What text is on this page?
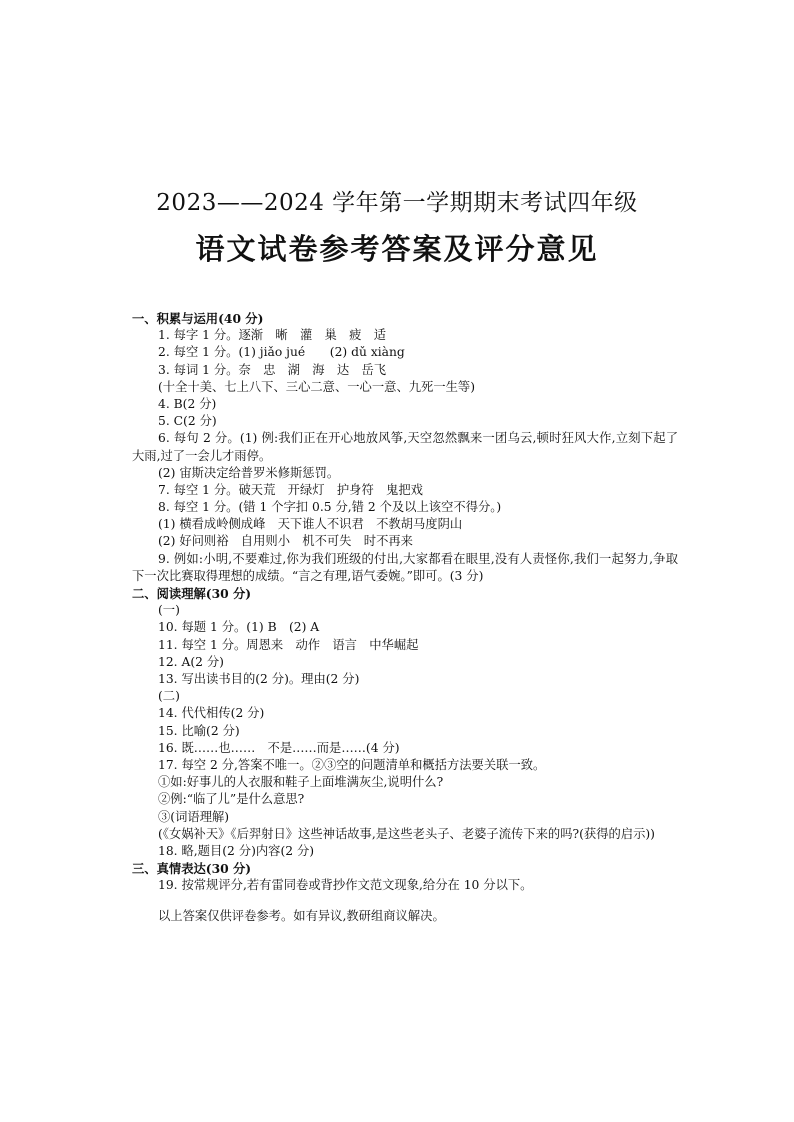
2023——2024 学年第一学期期末考试四年级
语文试卷参考答案及评分意见
一、积累与运用(40 分)
1. 每字 1 分。逐渐　晰　灌　巢　疲　适
2. 每空 1 分。(1) jiǎo jué　　(2) dǔ xiàng
3. 每词 1 分。奈　忠　湖　海　达　岳飞
(十全十美、七上八下、三心二意、一心一意、九死一生等)
4. B(2 分)
5. C(2 分)
6. 每句 2 分。(1) 例:我们正在开心地放风筝,天空忽然飘来一团乌云,顿时狂风大作,立刻下起了大雨,过了一会儿才雨停。
(2) 宙斯决定给普罗米修斯惩罚。
7. 每空 1 分。破天荒　开绿灯　护身符　鬼把戏
8. 每空 1 分。(错 1 个字扣 0.5 分,错 2 个及以上该空不得分。)
(1) 横看成岭侧成峰　天下谁人不识君　不教胡马度阴山
(2) 好问则裕　自用则小　机不可失　时不再来
9. 例如:小明,不要难过,你为我们班级的付出,大家都看在眼里,没有人责怪你,我们一起努力,争取下一次比赛取得理想的成绩。“言之有理,语气委婉。”即可。(3 分)
二、阅读理解(30 分)
(一)
10. 每题 1 分。(1) B　(2) A
11. 每空 1 分。周恩来　动作　语言　中华崛起
12. A(2 分)
13. 写出读书目的(2 分)。理由(2 分)
(二)
14. 代代相传(2 分)
15. 比喻(2 分)
16. 既……也……　不是……而是……(4 分)
17. 每空 2 分,答案不唯一。②③空的问题清单和概括方法要关联一致。
①如:好事儿的人衣服和鞋子上面堆满灰尘,说明什么?
②例:“临了儿”是什么意思?
③(词语理解)
(《女娲补天》《后羿射日》这些神话故事,是这些老头子、老婆子流传下来的吗?(获得的启示))
18. 略,题目(2 分)内容(2 分)
三、真情表达(30 分)
19. 按常规评分,若有雷同卷或背抄作文范文现象,给分在 10 分以下。
以上答案仅供评卷参考。如有异议,教研组商议解决。
